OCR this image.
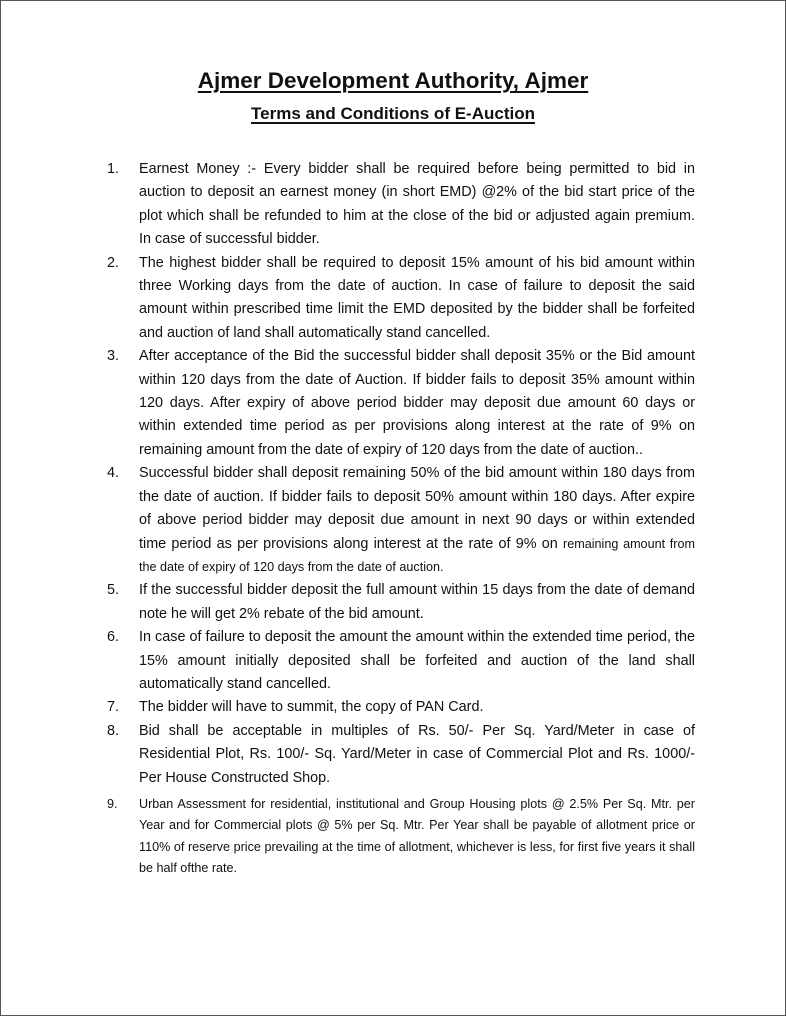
Ajmer Development Authority, Ajmer
Terms and Conditions of E-Auction
1.	Earnest Money :- Every bidder shall be required before being permitted to bid in auction to deposit an earnest money (in short EMD) @2% of the bid start price of the plot which shall be refunded to him at the close of the bid or adjusted again premium. In case of successful bidder.
2.	The highest bidder shall be required to deposit 15% amount of his bid amount within three Working days from the date of auction. In case of failure to deposit the said amount within prescribed time limit the EMD deposited by the bidder shall be forfeited and auction of land shall automatically stand cancelled.
3.	After acceptance of the Bid the successful bidder shall deposit 35% or the Bid amount within 120 days from the date of Auction. If bidder fails to deposit 35% amount within 120 days. After expiry of above period bidder may deposit due amount 60 days or within extended time period as per provisions along interest at the rate of 9% on remaining amount from the date of expiry of 120 days from the date of auction..
4.	Successful bidder shall deposit remaining 50% of the bid amount within 180 days from the date of auction. If bidder fails to deposit 50% amount within 180 days. After expire of above period bidder may deposit due amount in next 90 days or within extended time period as per provisions along interest at the rate of 9% on remaining amount from the date of expiry of 120 days from the date of auction.
5.	If the successful bidder deposit the full amount within 15 days from the date of demand note he will get 2% rebate of the bid amount.
6.	In case of failure to deposit the amount the amount within the extended time period, the 15% amount initially deposited shall be forfeited and auction of the land shall automatically stand cancelled.
7.	The bidder will have to summit, the copy of PAN Card.
8.	Bid shall be acceptable in multiples of Rs. 50/- Per Sq. Yard/Meter in case of Residential Plot, Rs. 100/- Sq. Yard/Meter in case of Commercial Plot and Rs. 1000/- Per House Constructed Shop.
9.	Urban Assessment for residential, institutional and Group Housing plots @ 2.5% Per Sq. Mtr. per Year and for Commercial plots @ 5% per Sq. Mtr. Per Year shall be payable of allotment price or 110% of reserve price prevailing at the time of allotment, whichever is less, for first five years it shall be half ofthe rate.
